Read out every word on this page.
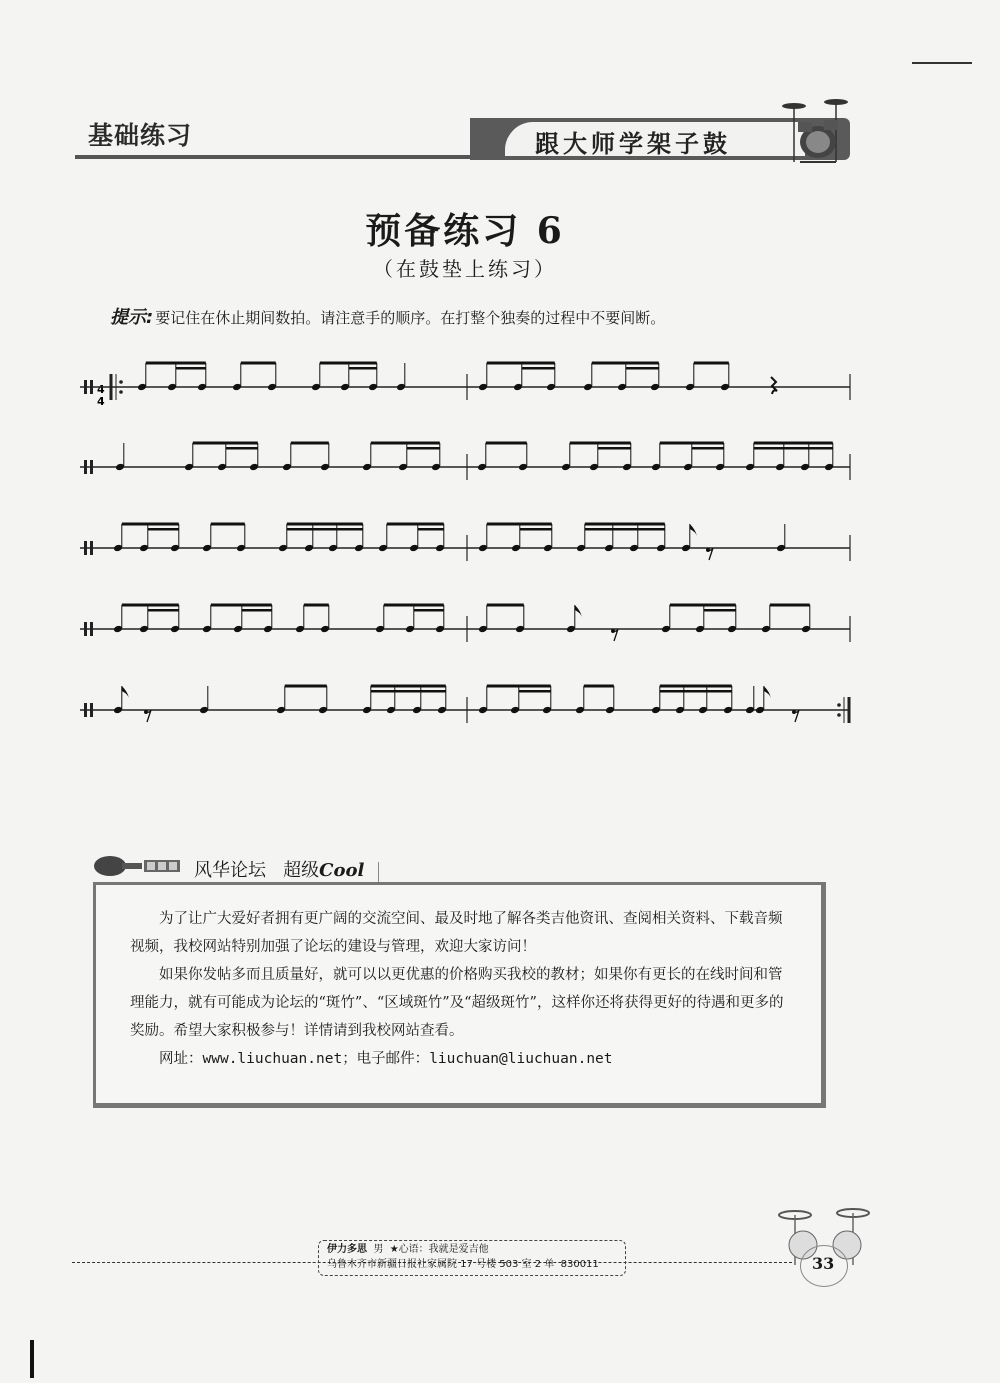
基础练习	跟大师学架子鼓
预备练习 6
（在鼓垫上练习）
提示: 要记住在休止期间数拍。请注意手的顺序。在打整个独奏的过程中不要间断。
4
4
风华论坛 超级Cool

为了让广大爱好者拥有更广阔的交流空间、最及时地了解各类吉他资讯、查阅相关资料、下载音频视频，我校网站特别加强了论坛的建设与管理，欢迎大家访问！

如果你发帖多而且质量好，就可以以更优惠的价格购买我校的教材；如果你有更长的在线时间和管理能力，就有可能成为论坛的“斑竹”、“区域斑竹”及“超级斑竹”，这样你还将获得更好的待遇和更多的奖励。希望大家积极参与！详情请到我校网站查看。

网址：www.liuchuan.net；电子邮件：liuchuan@liuchuan.net

伊力多思 男 ★心语：我就是爱吉他
乌鲁木齐市新疆日报社家属院 17 号楼 503 室 2 单 830011	33
